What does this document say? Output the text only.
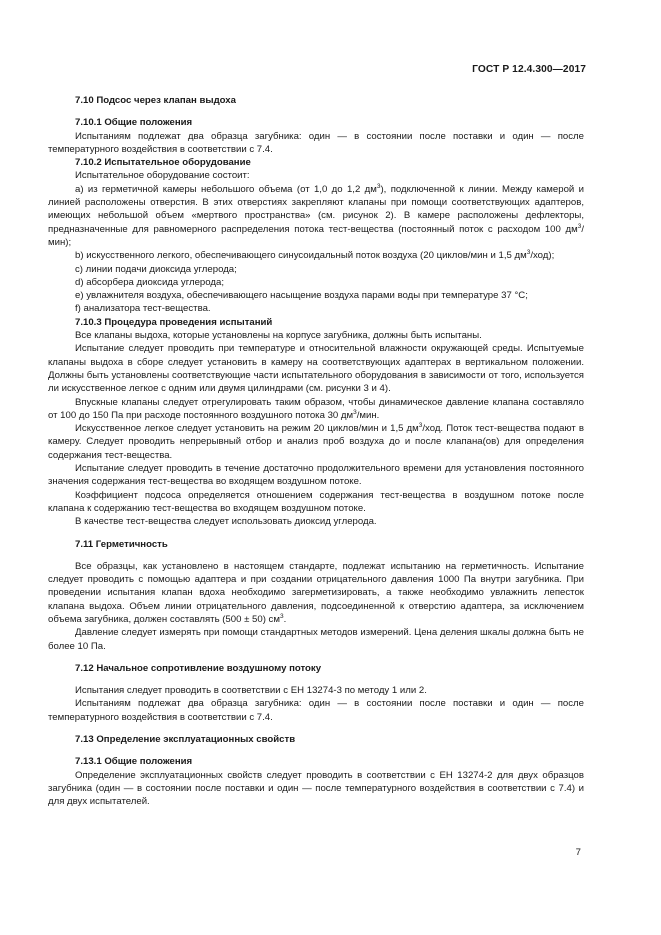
ГОСТ Р 12.4.300—2017
7.10 Подсос через клапан выдоха
7.10.1 Общие положения

Испытаниям подлежат два образца загубника: один — в состоянии после поставки и один — после температурного воздействия в соответствии с 7.4.

7.10.2 Испытательное оборудование

Испытательное оборудование состоит:

а) из герметичной камеры небольшого объема (от 1,0 до 1,2 $дм^3$), подключенной к линии. Между камерой и линией расположены отверстия. В этих отверстиях закрепляют клапаны при помощи соответствующих адаптеров, имеющих небольшой объем «мертвого пространства» (см. рисунок 2). В камере расположены дефлекторы, предназначенные для равномерного распределения потока тест-вещества (постоянный поток с расходом 100 $дм^3/мин$);

b) искусственного легкого, обеспечивающего синусоидальный поток воздуха (20 циклов/мин и 1,5 $дм^3/ход$);

c) линии подачи диоксида углерода;

d) абсорбера диоксида углерода;

e) увлажнителя воздуха, обеспечивающего насыщение воздуха парами воды при температуре 37 °С;

f) анализатора тест-вещества.

7.10.3 Процедура проведения испытаний

Все клапаны выдоха, которые установлены на корпусе загубника, должны быть испытаны.

Испытание следует проводить при температуре и относительной влажности окружающей среды. Испытуемые клапаны выдоха в сборе следует установить в камеру на соответствующих адаптерах в вертикальном положении. Должны быть установлены соответствующие части испытательного оборудования в зависимости от того, используется ли искусственное легкое с одним или двумя цилиндрами (см. рисунки 3 и 4).

Впускные клапаны следует отрегулировать таким образом, чтобы динамическое давление клапана составляло от 100 до 150 Па при расходе постоянного воздушного потока 30 $дм^3$/мин.

Искусственное легкое следует установить на режим 20 циклов/мин и 1,5 $дм^3$/ход. Поток тест-вещества подают в камеру. Следует проводить непрерывный отбор и анализ проб воздуха до и после клапана(ов) для определения содержания тест-вещества.

Испытание следует проводить в течение достаточно продолжительного времени для установления постоянного значения содержания тест-вещества во входящем воздушном потоке.

Коэффициент подсоса определяется отношением содержания тест-вещества в воздушном потоке после клапана к содержанию тест-вещества во входящем воздушном потоке.

В качестве тест-вещества следует использовать диоксид углерода.

7.11 Герметичность

Все образцы, как установлено в настоящем стандарте, подлежат испытанию на герметичность. Испытание следует проводить с помощью адаптера и при создании отрицательного давления 1000 Па внутри загубника. При проведении испытания клапан вдоха необходимо загерметизировать, а также необходимо увлажнить лепесток клапана выдоха. Объем линии отрицательного давления, подсоединенной к отверстию адаптера, за исключением объема загубника, должен составлять (500 ± 50) $см^3$.

Давление следует измерять при помощи стандартных методов измерений. Цена деления шкалы должна быть не более 10 Па.

7.12 Начальное сопротивление воздушному потоку

Испытания следует проводить в соответствии с ЕН 13274-3 по методу 1 или 2.

Испытаниям подлежат два образца загубника: один — в состоянии после поставки и один — после температурного воздействия в соответствии с 7.4.

7.13 Определение эксплуатационных свойств
7.13.1 Общие положения

Определение эксплуатационных свойств следует проводить в соответствии с ЕН 13274-2 для двух образцов загубника (один — в состоянии после поставки и один — после температурного воздействия в соответствии с 7.4) и для двух испытателей.

7
